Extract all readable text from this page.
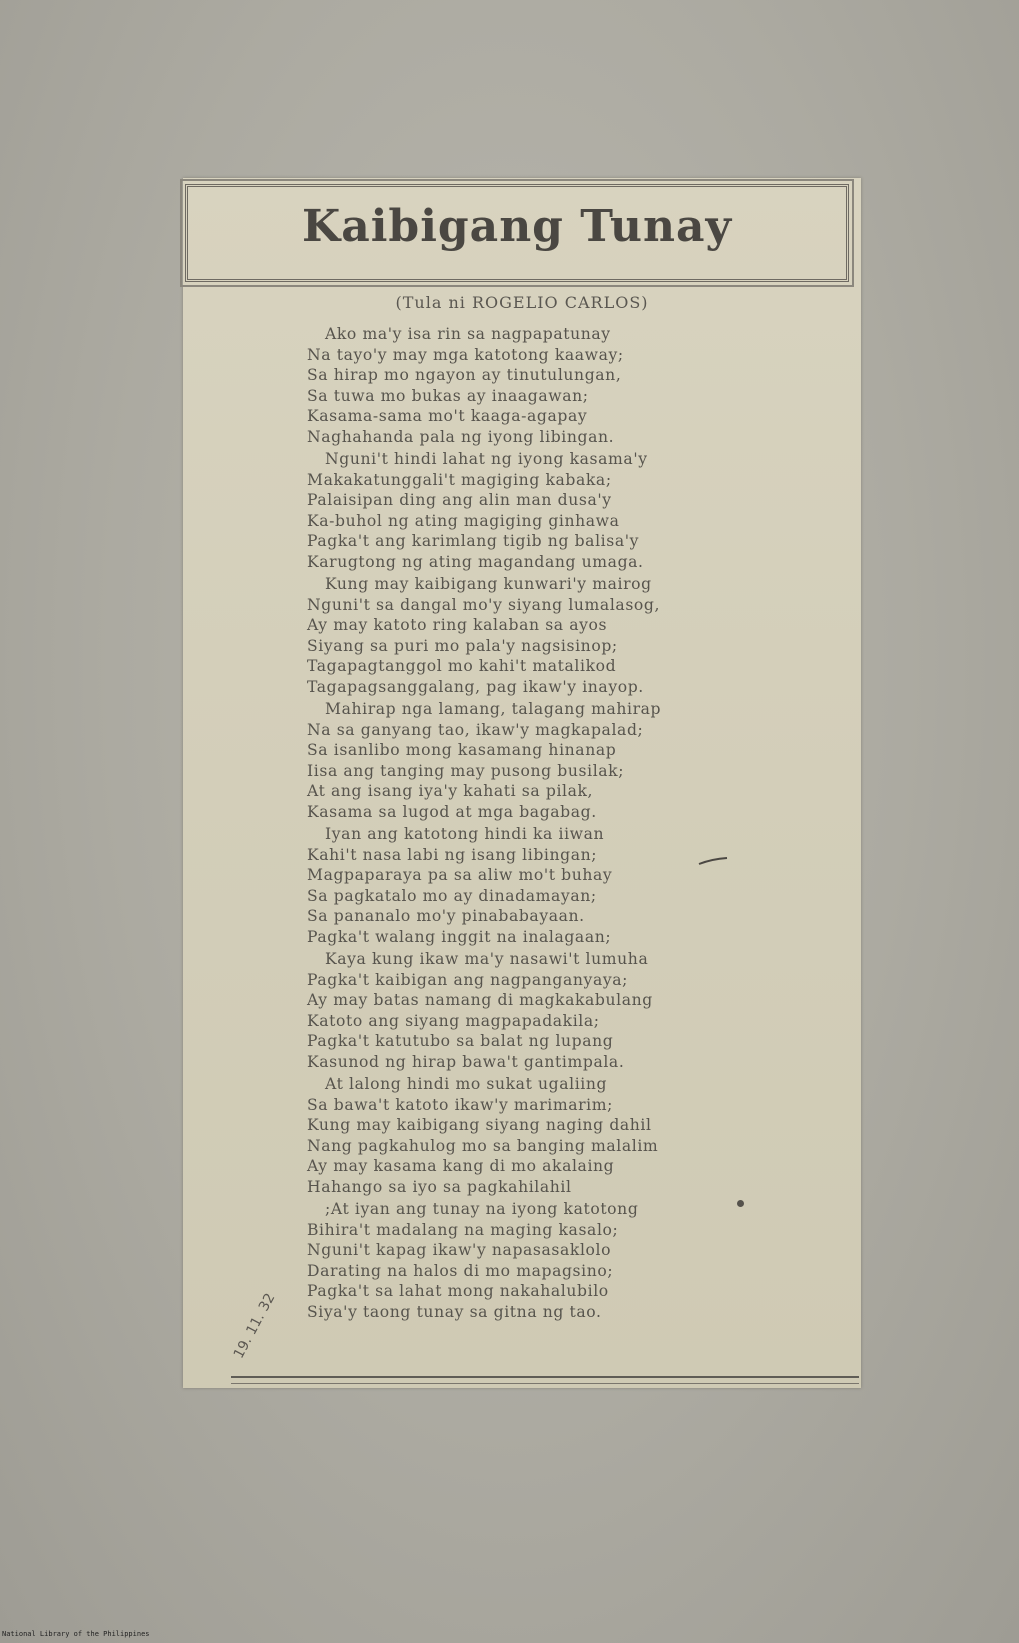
Kaibigang Tunay
(Tula ni ROGELIO CARLOS)
Ako ma'y isa rin sa nagpapatunay
Na tayo'y may mga katotong kaaway;
Sa hirap mo ngayon ay tinutulungan,
Sa tuwa mo bukas ay inaagawan;
Kasama-sama mo't kaaga-agapay
Naghahanda pala ng iyong libingan.
Nguni't hindi lahat ng iyong kasama'y
Makakatunggali't magiging kabaka;
Palaisipan ding ang alin man dusa'y
Ka-buhol ng ating magiging ginhawa
Pagka't ang karimlang tigib ng balisa'y
Karugtong ng ating magandang umaga.
Kung may kaibigang kunwari'y mairog
Nguni't sa dangal mo'y siyang lumalasog,
Ay may katoto ring kalaban sa ayos
Siyang sa puri mo pala'y nagsisinop;
Tagapagtanggol mo kahi't matalikod
Tagapagsanggalang, pag ikaw'y inayop.
Mahirap nga lamang, talagang mahirap
Na sa ganyang tao, ikaw'y magkapalad;
Sa isanlibo mong kasamang hinanap
Iisa ang tanging may pusong busilak;
At ang isang iya'y kahati sa pilak,
Kasama sa lugod at mga bagabag.
Iyan ang katotong hindi ka iiwan
Kahi't nasa labi ng isang libingan;
Magpaparaya pa sa aliw mo't buhay
Sa pagkatalo mo ay dinadamayan;
Sa pananalo mo'y pinababayaan.
Pagka't walang inggit na inalagaan;
Kaya kung ikaw ma'y nasawi't lumuha
Pagka't kaibigan ang nagpanganyaya;
Ay may batas namang di magkakabulang
Katoto ang siyang magpapadakila;
Pagka't katutubo sa balat ng lupang
Kasunod ng hirap bawa't gantimpala.
At lalong hindi mo sukat ugaliing
Sa bawa't katoto ikaw'y marimarim;
Kung may kaibigang siyang naging dahil
Nang pagkahulog mo sa banging malalim
Ay may kasama kang di mo akalaing
Hahango sa iyo sa pagkahilahil
;At iyan ang tunay na iyong katotong
Bihira't madalang na maging kasalo;
Nguni't kapag ikaw'y napasasaklolo
Darating na halos di mo mapagsino;
Pagka't sa lahat mong nakahalubilo
Siya'y taong tunay sa gitna ng tao.
19. 11. 32
National Library of the Philippines
